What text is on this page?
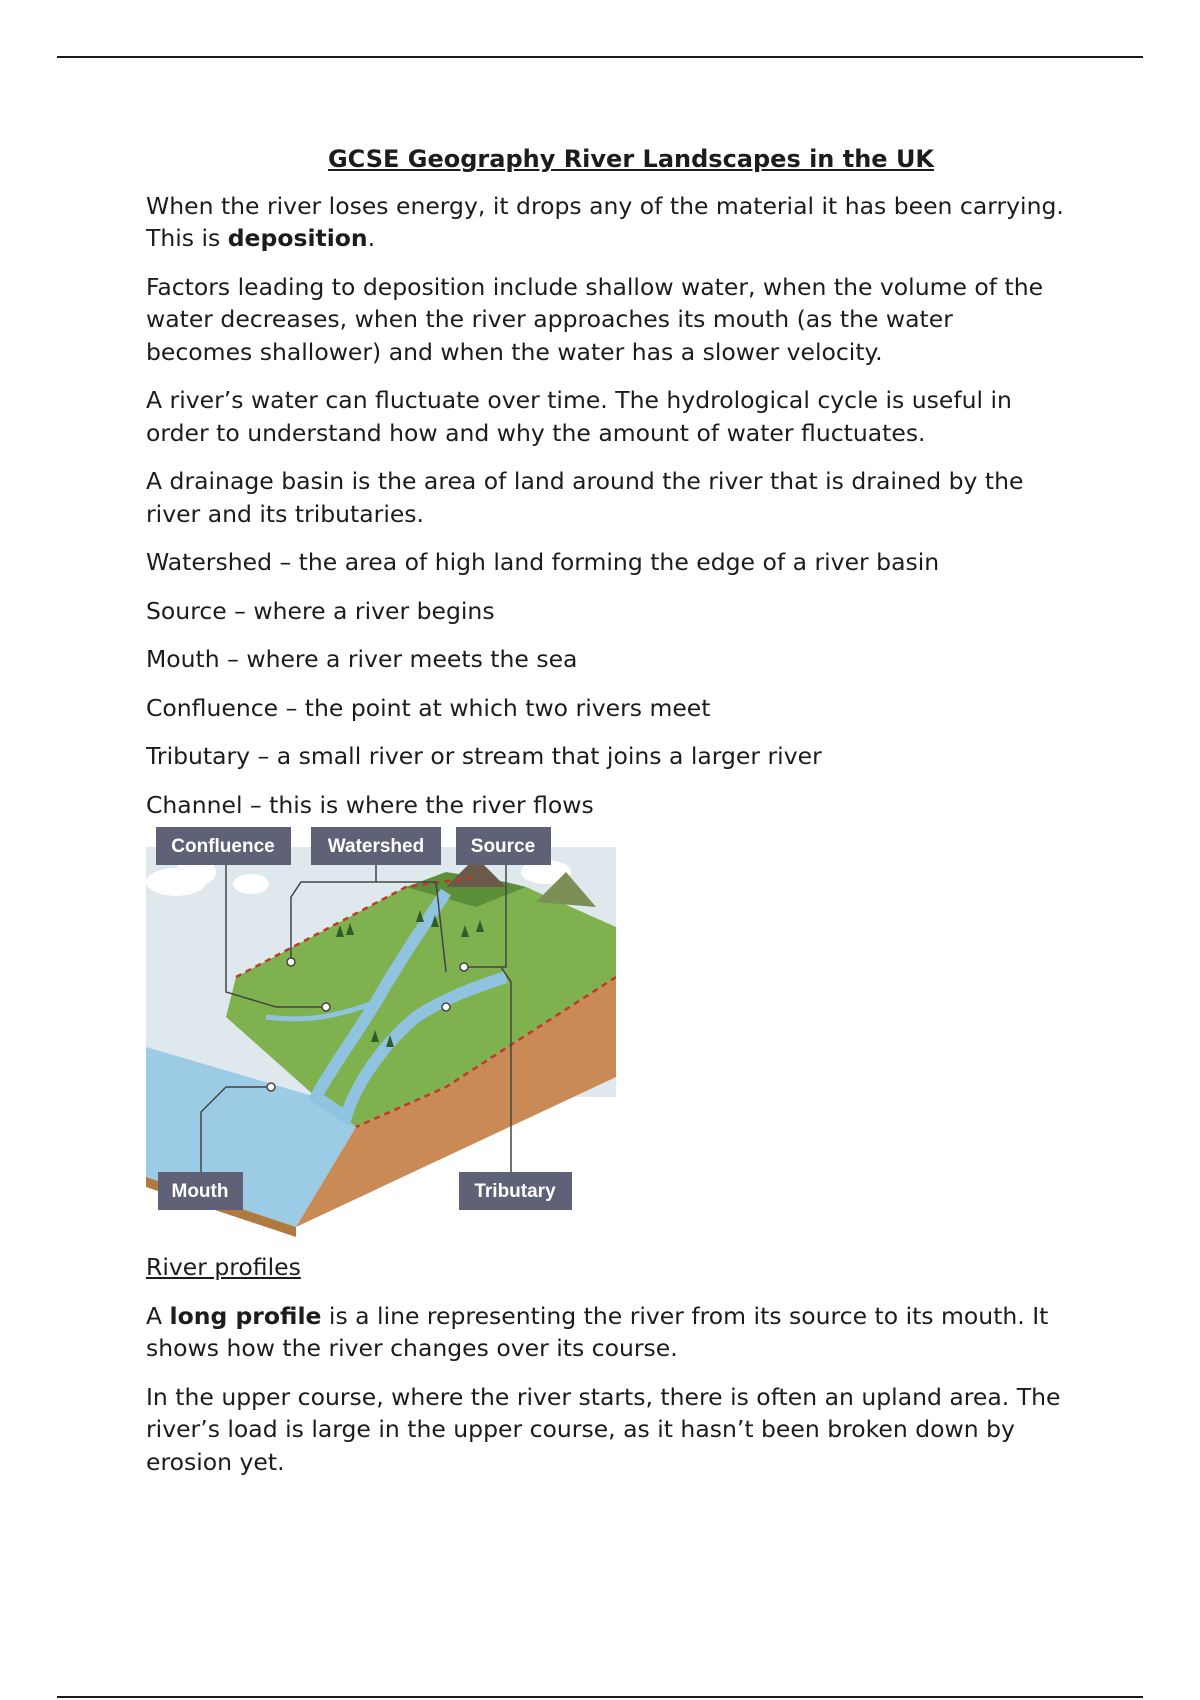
GCSE Geography River Landscapes in the UK

When the river loses energy, it drops any of the material it has been carrying. This is deposition.

Factors leading to deposition include shallow water, when the volume of the water decreases, when the river approaches its mouth (as the water becomes shallower) and when the water has a slower velocity.

A river’s water can fluctuate over time. The hydrological cycle is useful in order to understand how and why the amount of water fluctuates.

A drainage basin is the area of land around the river that is drained by the river and its tributaries.

Watershed – the area of high land forming the edge of a river basin
Source – where a river begins
Mouth – where a river meets the sea
Confluence – the point at which two rivers meet
Tributary – a small river or stream that joins a larger river
Channel – this is where the river flows
Confluence	Watershed Source
Mouth	Tributary
River profiles

A long profile is a line representing the river from its source to its mouth. It shows how the river changes over its course.

In the upper course, where the river starts, there is often an upland area. The river’s load is large in the upper course, as it hasn’t been broken down by erosion yet.
